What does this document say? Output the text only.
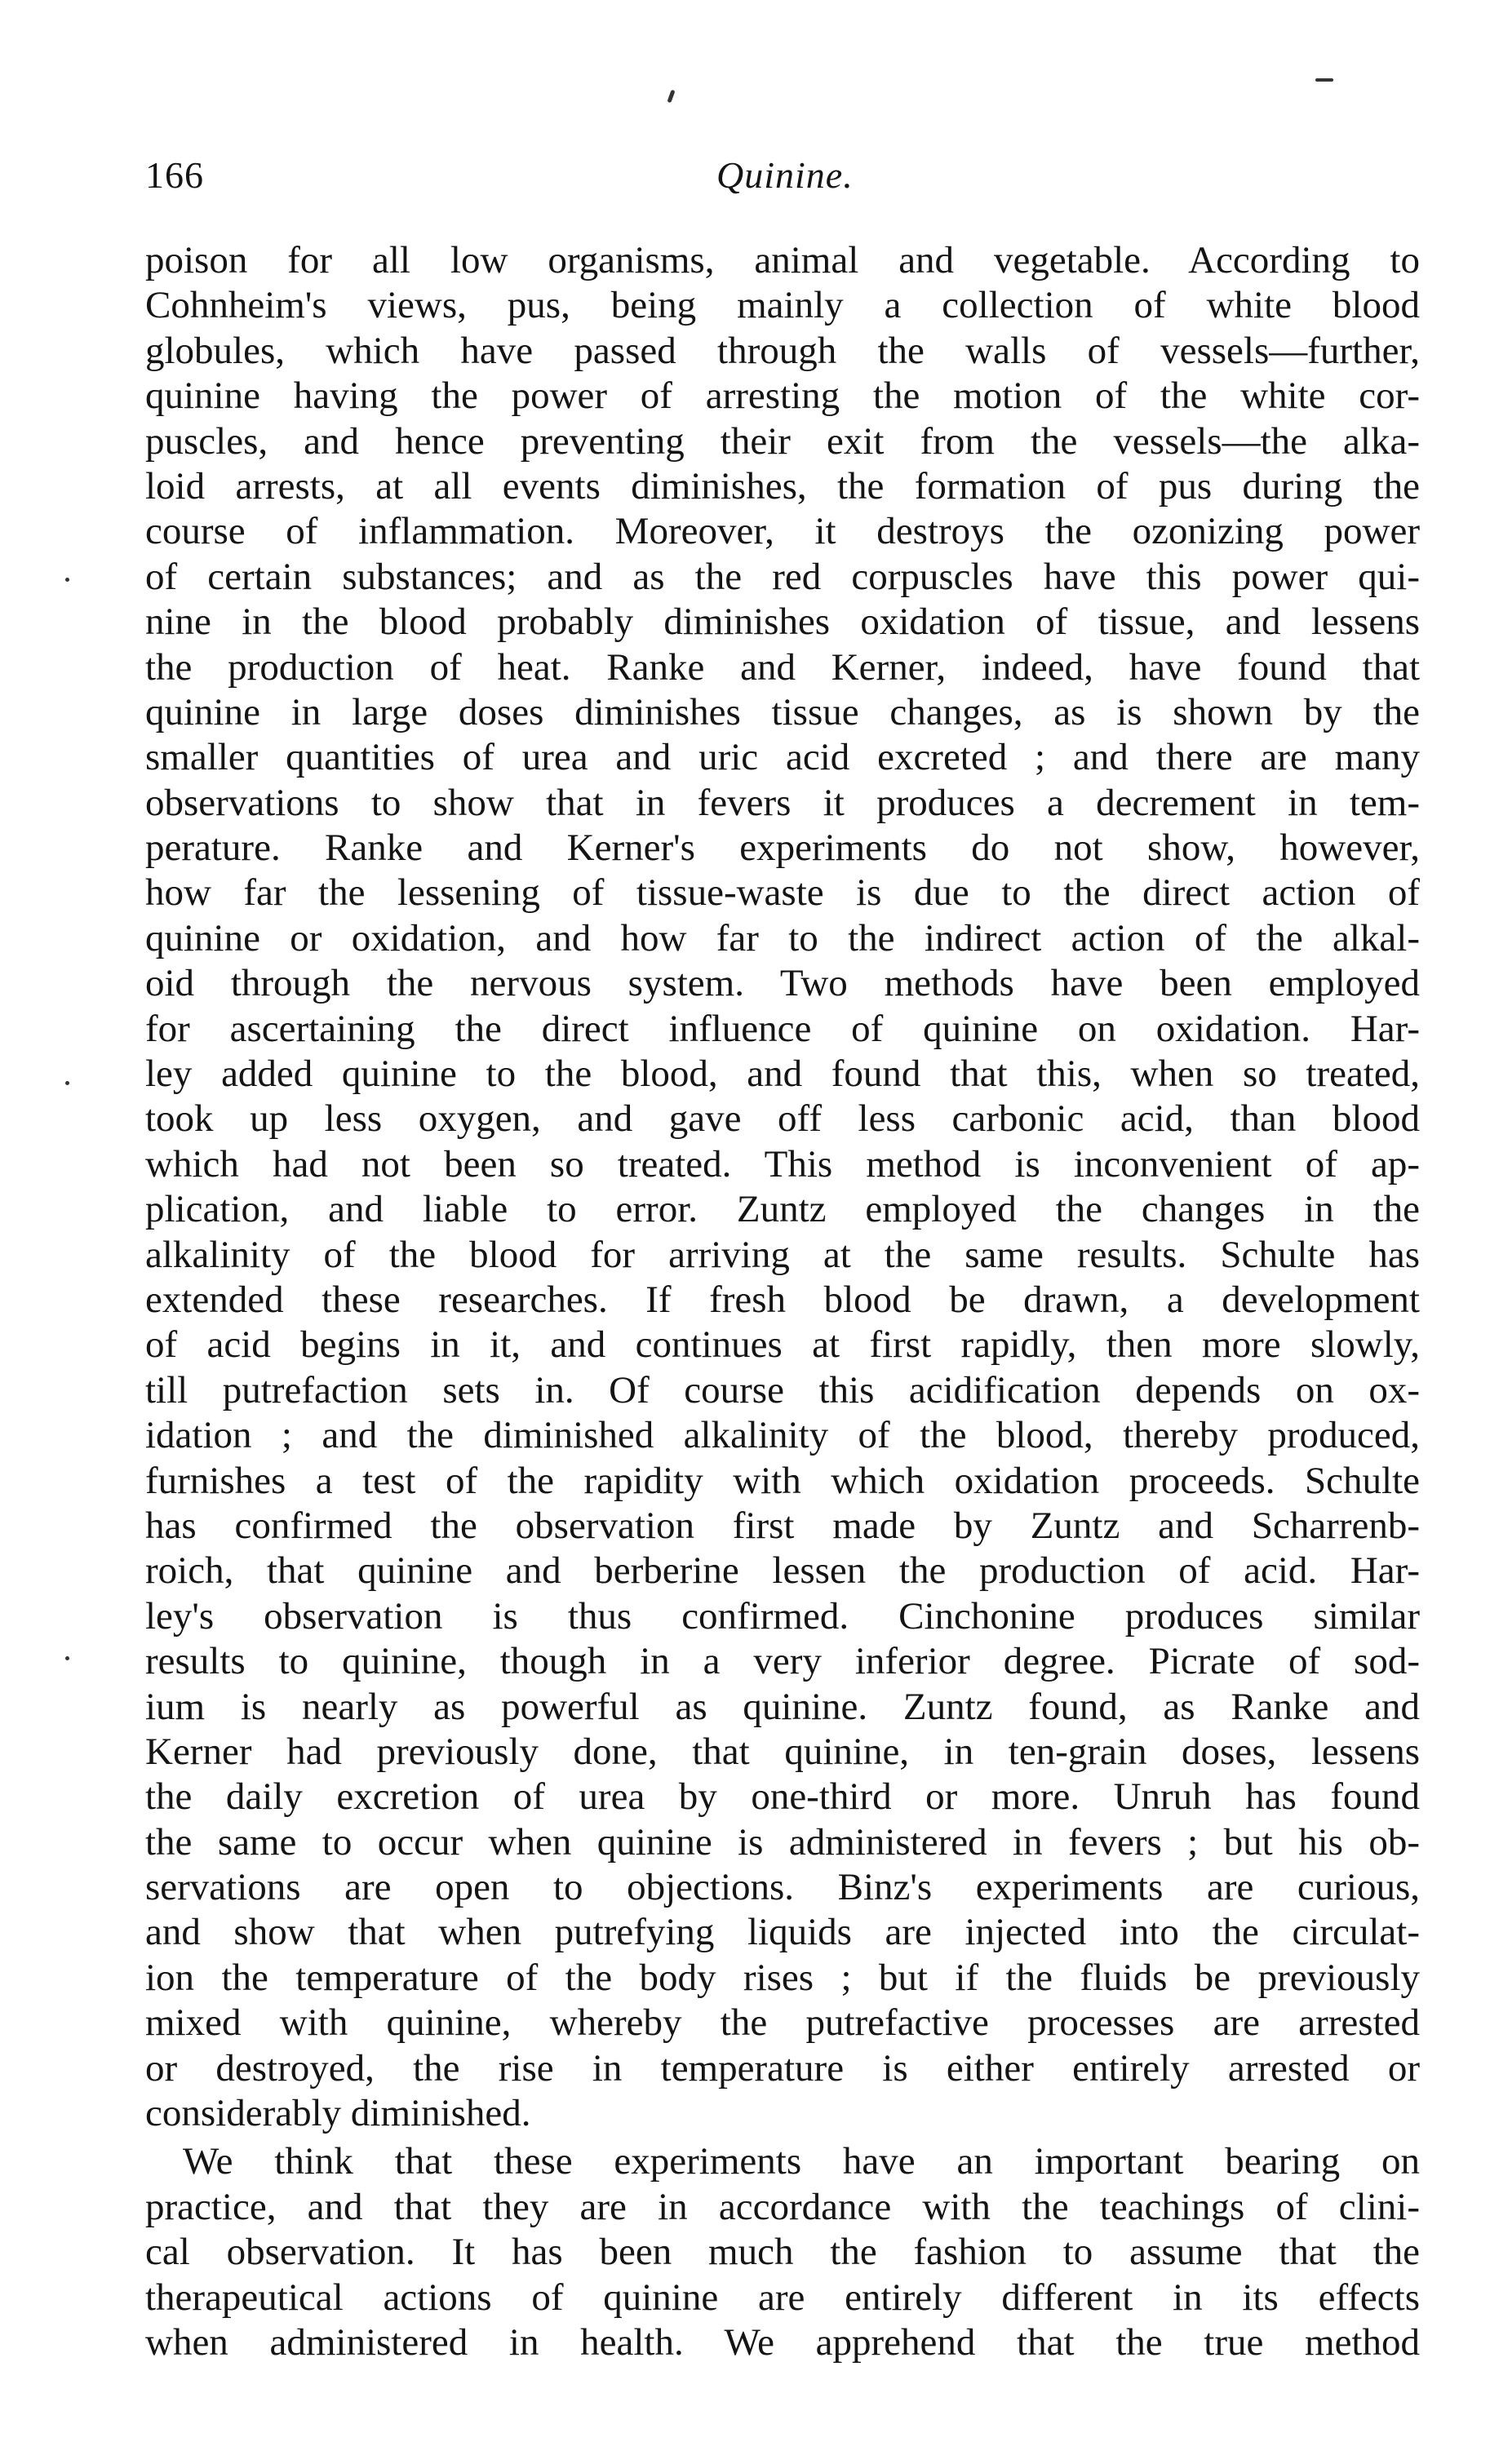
166	Quinine.
poison for all low organisms, animal and vegetable. According to
Cohnheim's views, pus, being mainly a collection of white blood
globules, which have passed through the walls of vessels—further,
quinine having the power of arresting the motion of the white cor-
puscles, and hence preventing their exit from the vessels—the alka-
loid arrests, at all events diminishes, the formation of pus during the
course of inflammation. Moreover, it destroys the ozonizing power
of certain substances; and as the red corpuscles have this power qui-
nine in the blood probably diminishes oxidation of tissue, and lessens
the production of heat. Ranke and Kerner, indeed, have found that
quinine in large doses diminishes tissue changes, as is shown by the
smaller quantities of urea and uric acid excreted ; and there are many
observations to show that in fevers it produces a decrement in tem-
perature. Ranke and Kerner's experiments do not show, however,
how far the lessening of tissue-waste is due to the direct action of
quinine or oxidation, and how far to the indirect action of the alkal-
oid through the nervous system. Two methods have been employed
for ascertaining the direct influence of quinine on oxidation. Har-
ley added quinine to the blood, and found that this, when so treated,
took up less oxygen, and gave off less carbonic acid, than blood
which had not been so treated. This method is inconvenient of ap-
plication, and liable to error. Zuntz employed the changes in the
alkalinity of the blood for arriving at the same results. Schulte has
extended these researches. If fresh blood be drawn, a development
of acid begins in it, and continues at first rapidly, then more slowly,
till putrefaction sets in. Of course this acidification depends on ox-
idation ; and the diminished alkalinity of the blood, thereby produced,
furnishes a test of the rapidity with which oxidation proceeds. Schulte
has confirmed the observation first made by Zuntz and Scharrenb-
roich, that quinine and berberine lessen the production of acid. Har-
ley's observation is thus confirmed. Cinchonine produces similar
results to quinine, though in a very inferior degree. Picrate of sod-
ium is nearly as powerful as quinine. Zuntz found, as Ranke and
Kerner had previously done, that quinine, in ten-grain doses, lessens
the daily excretion of urea by one-third or more. Unruh has found
the same to occur when quinine is administered in fevers ; but his ob-
servations are open to objections. Binz's experiments are curious,
and show that when putrefying liquids are injected into the circulat-
ion the temperature of the body rises ; but if the fluids be previously
mixed with quinine, whereby the putrefactive processes are arrested
or destroyed, the rise in temperature is either entirely arrested or
considerably diminished.
We think that these experiments have an important bearing on
practice, and that they are in accordance with the teachings of clini-
cal observation. It has been much the fashion to assume that the
therapeutical actions of quinine are entirely different in its effects
when administered in health. We apprehend that the true method
